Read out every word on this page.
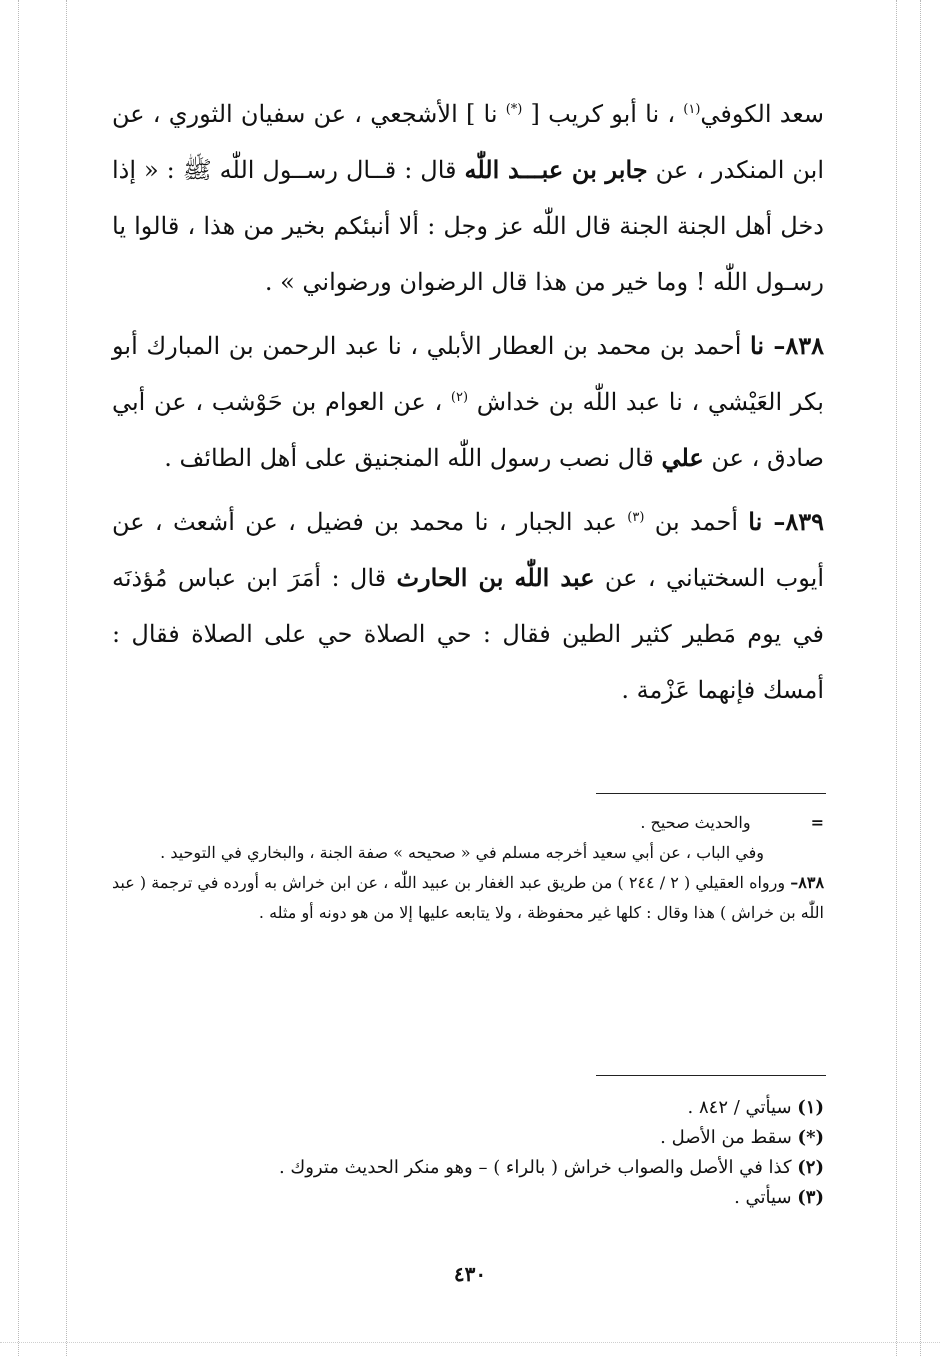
سعد الكوفي$^{(١)}$ ، نا أبو كريب [ (*) نا ] الأشجعي ، عن سفيان الثوري ، عن ابن المنكدر ، عن جابر بن عبـــد اللّٰه قال : قــال رســول اللّٰه ﷺ : « إذا دخل أهل الجنة الجنة قال اللّٰه عز وجل : ألا أنبئكم بخير من هذا ، قالوا يا رسـول اللّٰه ! وما خير من هذا قال الرضوان ورضواني » .

٨٣٨– نا أحمد بن محمد بن العطار الأبلي ، نا عبد الرحمن بن المبارك أبو بكر العَيْشي ، نا عبد اللّٰه بن خداش $^{(٢)}$ ، عن العوام بن حَوْشب ، عن أبي صادق ، عن علي قال نصب رسول اللّٰه المنجنيق على أهل الطائف .

٨٣٩– نا أحمد بن $^{(٣)}$ عبد الجبار ، نا محمد بن فضيل ، عن أشعث ، عن أيوب السختياني ، عن عبد اللّٰه بن الحارث قال : أمَرَ ابن عباس مُؤذنَه في يوم مَطير كثير الطين فقال : حي الصلاة حي على الصلاة فقال : أمسك فإنهما عَزْمة .

=والحديث صحيح .

وفي الباب ، عن أبي سعيد أخرجه مسلم في « صحيحه » صفة الجنة ، والبخاري في التوحيد .

٨٣٨– ورواه العقيلي ( ٢ / ٢٤٤ ) من طريق عبد الغفار بن عبيد اللّٰه ، عن ابن خراش به أورده في ترجمة ( عبد اللّٰه بن خراش ) هذا وقال : كلها غير محفوظة ، ولا يتابعه عليها إلا من هو دونه أو مثله .

(١) سيأتي / ٨٤٢ .

(*) سقط من الأصل .

(٢) كذا في الأصل والصواب خراش ( بالراء ) – وهو منكر الحديث متروك .

(٣) سيأتي .

٤٣٠
